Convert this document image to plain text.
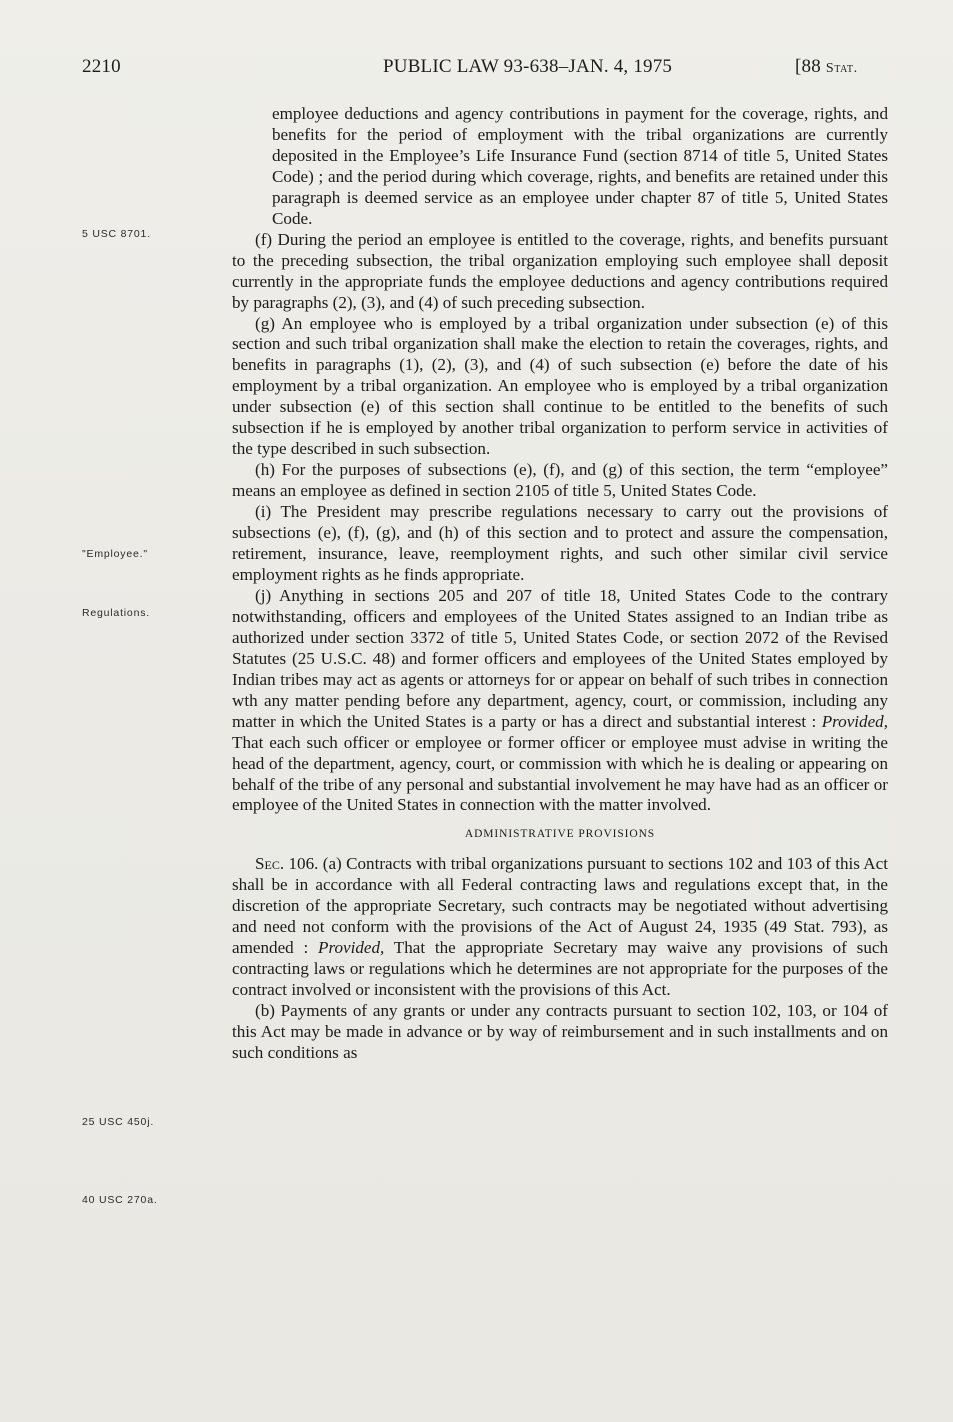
2210	PUBLIC LAW 93-638–JAN. 4, 1975	[88 Stat.
5 USC 8701.
"Employee."
Regulations.
25 USC 450j.
40 USC 270a.

employee deductions and agency contributions in payment for the coverage, rights, and benefits for the period of employment with the tribal organizations are currently deposited in the Employee’s Life Insurance Fund (section 8714 of title 5, United States Code) ; and the period during which coverage, rights, and benefits are retained under this paragraph is deemed service as an employee under chapter 87 of title 5, United States Code.

(f) During the period an employee is entitled to the coverage, rights, and benefits pursuant to the preceding subsection, the tribal organization employing such employee shall deposit currently in the appropriate funds the employee deductions and agency contributions required by paragraphs (2), (3), and (4) of such preceding subsection.

(g) An employee who is employed by a tribal organization under subsection (e) of this section and such tribal organization shall make the election to retain the coverages, rights, and benefits in paragraphs (1), (2), (3), and (4) of such subsection (e) before the date of his employment by a tribal organization. An employee who is employed by a tribal organization under subsection (e) of this section shall continue to be entitled to the benefits of such subsection if he is employed by another tribal organization to perform service in activities of the type described in such subsection.

(h) For the purposes of subsections (e), (f), and (g) of this section, the term “employee” means an employee as defined in section 2105 of title 5, United States Code.

(i) The President may prescribe regulations necessary to carry out the provisions of subsections (e), (f), (g), and (h) of this section and to protect and assure the compensation, retirement, insurance, leave, reemployment rights, and such other similar civil service employment rights as he finds appropriate.

(j) Anything in sections 205 and 207 of title 18, United States Code to the contrary notwithstanding, officers and employees of the United States assigned to an Indian tribe as authorized under section 3372 of title 5, United States Code, or section 2072 of the Revised Statutes (25 U.S.C. 48) and former officers and employees of the United States employed by Indian tribes may act as agents or attorneys for or appear on behalf of such tribes in connection wth any matter pending before any department, agency, court, or commission, including any matter in which the United States is a party or has a direct and substantial interest : Provided, That each such officer or employee or former officer or employee must advise in writing the head of the department, agency, court, or commission with which he is dealing or appearing on behalf of the tribe of any personal and substantial involvement he may have had as an officer or employee of the United States in connection with the matter involved.

ADMINISTRATIVE PROVISIONS

Sec. 106. (a) Contracts with tribal organizations pursuant to sections 102 and 103 of this Act shall be in accordance with all Federal contracting laws and regulations except that, in the discretion of the appropriate Secretary, such contracts may be negotiated without advertising and need not conform with the provisions of the Act of August 24, 1935 (49 Stat. 793), as amended : Provided, That the appropriate Secretary may waive any provisions of such contracting laws or regulations which he determines are not appropriate for the purposes of the contract involved or inconsistent with the provisions of this Act.

(b) Payments of any grants or under any contracts pursuant to section 102, 103, or 104 of this Act may be made in advance or by way of reimbursement and in such installments and on such conditions as
